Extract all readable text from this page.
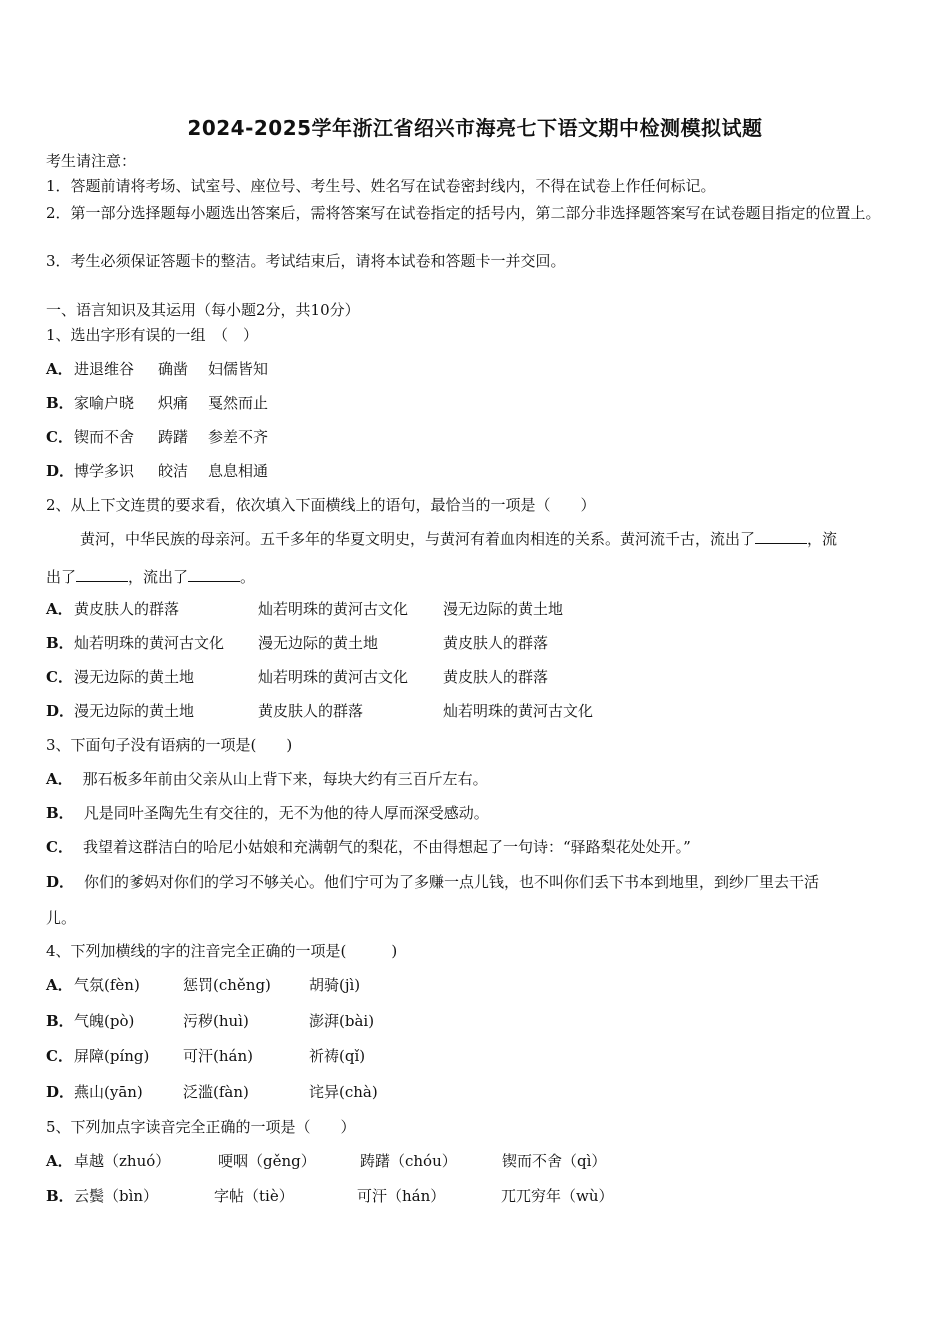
2024-2025学年浙江省绍兴市海亮七下语文期中检测模拟试题
考生请注意：
1．答题前请将考场、试室号、座位号、考生号、姓名写在试卷密封线内，不得在试卷上作任何标记。
2．第一部分选择题每小题选出答案后，需将答案写在试卷指定的括号内，第二部分非选择题答案写在试卷题目指定的位置上。
3．考生必须保证答题卡的整洁。考试结束后，请将本试卷和答题卡一并交回。
一、语言知识及其运用（每小题2分，共10分）
1、选出字形有误的一组　（　）
A． 进退维谷 确凿 妇儒皆知
B． 家喻户晓 炽痛 戛然而止
C． 锲而不舍 踌躇 参差不齐
D． 博学多识 皎洁 息息相通
2、从上下文连贯的要求看，依次填入下面横线上的语句，最恰当的一项是（　　）
黄河，中华民族的母亲河。五千多年的华夏文明史，与黄河有着血肉相连的关系。黄河流千古，流出了	，流
出了	，流出了	。
A． 黄皮肤人的群落	灿若明珠的黄河古文化 漫无边际的黄土地
B． 灿若明珠的黄河古文化 漫无边际的黄土地	黄皮肤人的群落
C． 漫无边际的黄土地	灿若明珠的黄河古文化 黄皮肤人的群落
D． 漫无边际的黄土地	黄皮肤人的群落	灿若明珠的黄河古文化
3、下面句子没有语病的一项是(　　)
A． 那石板多年前由父亲从山上背下来，每块大约有三百斤左右。
B． 凡是同叶圣陶先生有交往的，无不为他的待人厚而深受感动。
C． 我望着这群洁白的哈尼小姑娘和充满朝气的梨花，不由得想起了一句诗：“驿路梨花处处开。”
D． 你们的爹妈对你们的学习不够关心。他们宁可为了多赚一点儿钱，也不叫你们丢下书本到地里，到纱厂里去干活
儿。
4、下列加横线的字的注音完全正确的一项是(　　　)
A． 气氛(fèn)	惩罚(chěng)	胡骑(jì)
B． 气魄(pò)	污秽(huì)	澎湃(bài)
C． 屏障(píng) 可汗(hán)	祈祷(qǐ)
D． 燕山(yān)	泛滥(fàn)	诧异(chà)
5、下列加点字读音完全正确的一项是（　　）
A． 卓越（zhuó）	哽咽（gěng）	踌躇（chóu）	锲而不舍（qì）
B． 云鬓（bìn）	字帖（tiè）	可汗（hán）	兀兀穷年（wù）
